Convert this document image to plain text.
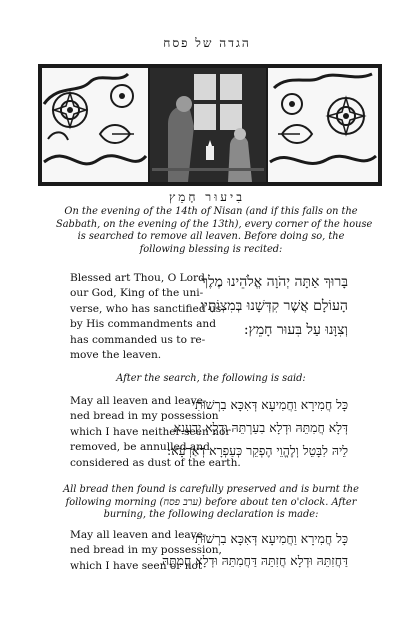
הגדה של פסח
בִיעוּר חָמֵץ
On the evening of the 14th of Nisan (and if this falls on the
Sabbath, on the evening of the 13th), every corner of the house
is searched to remove all leaven. Before doing so, the
following blessing is recited:
Blessed art Thou, O Lord
our God, King of the uni-
verse, who has sanctified us
by His commandments and
has commanded us to re-
move the leaven.
בָּרוּךְ אַתָּה יְהֹוָה אֱלֹהֵינוּ מֶלֶךְ
הָעוֹלָם אֲשֶׁר קִדְּשָׁנוּ בְּמִצְוֹתָיו
וְצִוָּנוּ עַל בִּעוּר חָמֵץ:
After the search, the following is said:
May all leaven and leave-
ned bread in my possession
which I have neither seen nor
removed, be annulled and
considered as dust of the earth.
כָּל חֲמִירָא וַחֲמִיעָא דְּאִכָּא בִרְשׁוּתִי
דְּלָא חֲמִתֵּהּ וּדְלָא בִעַרְתֵּהּ וּדְלָא יְדַעְנָא
לֵיהּ לִבָּטֵל וְלֶהֱוֵי הֶפְקֵר כְּעַפְרָא דְאַרְעָא:
All bread then found is carefully preserved and is burnt the
following morning (ערב פסח) before about ten o'clock. After
burning, the following declaration is made:
May all leaven and leave-
ned bread in my possession,
which I have seen or not
כָּל חֲמִירָא וַחֲמִיעָא דְּאִכָּא בִרְשׁוּתִי
דַּחֲזִתֵּהּ וּדְלָא חֲזִתֵּהּ דַּחֲמִתֵּהּ וּדְלָא חֲמִתֵּהּ
